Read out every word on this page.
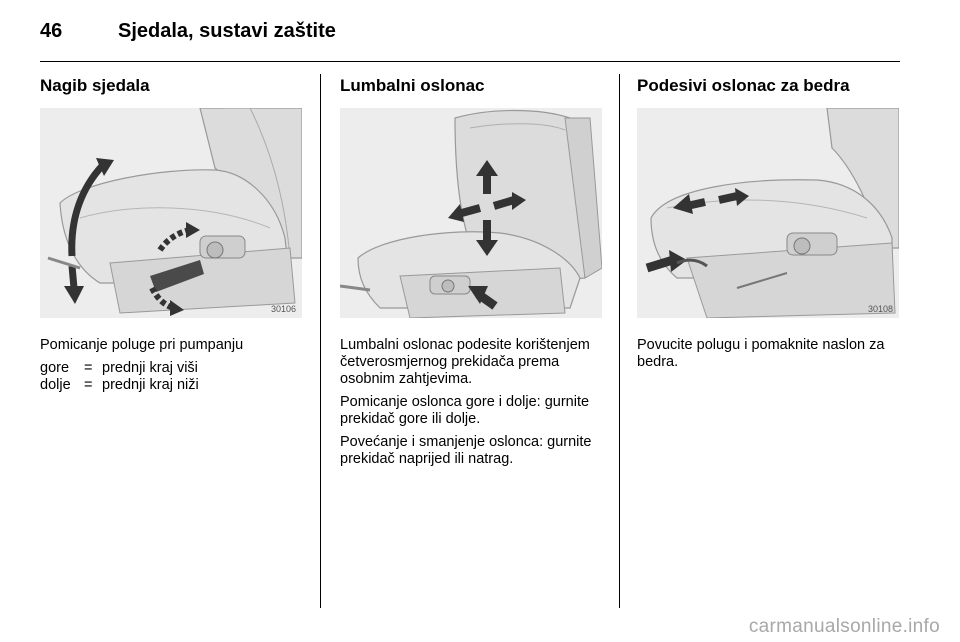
46	Sjedala, sustavi zaštite
Nagib sjedala
30106

Pomicanje poluge pri pumpanju

gore	= prednji kraj viši
dolje = prednji kraj niži
Lumbalni oslonac

Lumbalni oslonac podesite korištenjem četverosmjernog prekidača prema osobnim zahtjevima.

Pomicanje oslonca gore i dolje: gurnite prekidač gore ili dolje.

Povećanje i smanjenje oslonca: gurnite prekidač naprijed ili natrag.

Podesivi oslonac za bedra
30108

Povucite polugu i pomaknite naslon za bedra.

carmanualsonline.info
